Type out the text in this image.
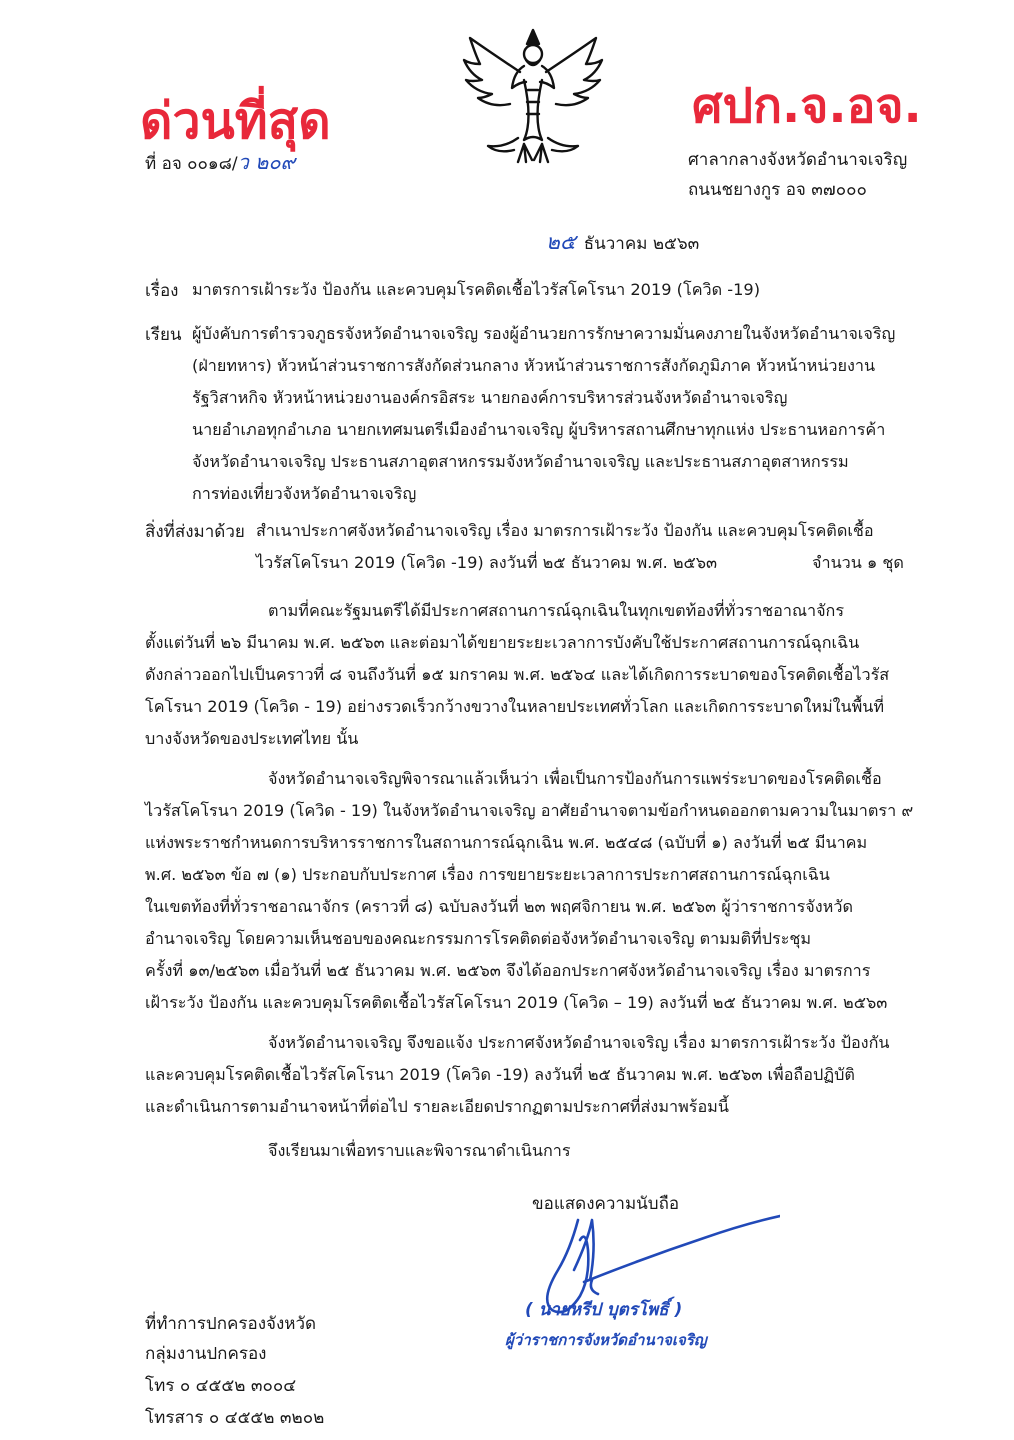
ด่วนที่สุด	ศปก.จ.อจ.
ที่ อจ ๐๐๑๘/ว ๒๐๙	ศาลากลางจังหวัดอำนาจเจริญ
ถนนชยางกูร อจ ๓๗๐๐๐
๒๕ ธันวาคม ๒๕๖๓
เรื่อง มาตรการเฝ้าระวัง ป้องกัน และควบคุมโรคติดเชื้อไวรัสโคโรนา 2019 (โควิด -19)
เรียน ผู้บังคับการตำรวจภูธรจังหวัดอำนาจเจริญ รองผู้อำนวยการรักษาความมั่นคงภายในจังหวัดอำนาจเจริญ
(ฝ่ายทหาร) หัวหน้าส่วนราชการสังกัดส่วนกลาง หัวหน้าส่วนราชการสังกัดภูมิภาค หัวหน้าหน่วยงาน
รัฐวิสาหกิจ หัวหน้าหน่วยงานองค์กรอิสระ นายกองค์การบริหารส่วนจังหวัดอำนาจเจริญ
นายอำเภอทุกอำเภอ นายกเทศมนตรีเมืองอำนาจเจริญ ผู้บริหารสถานศึกษาทุกแห่ง ประธานหอการค้า
จังหวัดอำนาจเจริญ ประธานสภาอุตสาหกรรมจังหวัดอำนาจเจริญ และประธานสภาอุตสาหกรรม
การท่องเที่ยวจังหวัดอำนาจเจริญ
สิ่งที่ส่งมาด้วย สำเนาประกาศจังหวัดอำนาจเจริญ เรื่อง มาตรการเฝ้าระวัง ป้องกัน และควบคุมโรคติดเชื้อ
ไวรัสโคโรนา 2019 (โควิด -19) ลงวันที่ ๒๕ ธันวาคม พ.ศ. ๒๕๖๓	จำนวน ๑ ชุด
ตามที่คณะรัฐมนตรีได้มีประกาศสถานการณ์ฉุกเฉินในทุกเขตท้องที่ทั่วราชอาณาจักร
ตั้งแต่วันที่ ๒๖ มีนาคม พ.ศ. ๒๕๖๓ และต่อมาได้ขยายระยะเวลาการบังคับใช้ประกาศสถานการณ์ฉุกเฉิน
ดังกล่าวออกไปเป็นคราวที่ ๘ จนถึงวันที่ ๑๕ มกราคม พ.ศ. ๒๕๖๔ และได้เกิดการระบาดของโรคติดเชื้อไวรัส
โคโรนา 2019 (โควิด - 19) อย่างรวดเร็วกว้างขวางในหลายประเทศทั่วโลก และเกิดการระบาดใหม่ในพื้นที่
บางจังหวัดของประเทศไทย นั้น
จังหวัดอำนาจเจริญพิจารณาแล้วเห็นว่า เพื่อเป็นการป้องกันการแพร่ระบาดของโรคติดเชื้อ
ไวรัสโคโรนา 2019 (โควิด - 19) ในจังหวัดอำนาจเจริญ อาศัยอำนาจตามข้อกำหนดออกตามความในมาตรา ๙
แห่งพระราชกำหนดการบริหารราชการในสถานการณ์ฉุกเฉิน พ.ศ. ๒๕๔๘ (ฉบับที่ ๑) ลงวันที่ ๒๕ มีนาคม
พ.ศ. ๒๕๖๓ ข้อ ๗ (๑) ประกอบกับประกาศ เรื่อง การขยายระยะเวลาการประกาศสถานการณ์ฉุกเฉิน
ในเขตท้องที่ทั่วราชอาณาจักร (คราวที่ ๘) ฉบับลงวันที่ ๒๓ พฤศจิกายน พ.ศ. ๒๕๖๓ ผู้ว่าราชการจังหวัด
อำนาจเจริญ โดยความเห็นชอบของคณะกรรมการโรคติดต่อจังหวัดอำนาจเจริญ ตามมติที่ประชุม
ครั้งที่ ๑๓/๒๕๖๓ เมื่อวันที่ ๒๕ ธันวาคม พ.ศ. ๒๕๖๓ จึงได้ออกประกาศจังหวัดอำนาจเจริญ เรื่อง มาตรการ
เฝ้าระวัง ป้องกัน และควบคุมโรคติดเชื้อไวรัสโคโรนา 2019 (โควิด – 19) ลงวันที่ ๒๕ ธันวาคม พ.ศ. ๒๕๖๓
จังหวัดอำนาจเจริญ จึงขอแจ้ง ประกาศจังหวัดอำนาจเจริญ เรื่อง มาตรการเฝ้าระวัง ป้องกัน
และควบคุมโรคติดเชื้อไวรัสโคโรนา 2019 (โควิด -19) ลงวันที่ ๒๕ ธันวาคม พ.ศ. ๒๕๖๓ เพื่อถือปฏิบัติ
และดำเนินการตามอำนาจหน้าที่ต่อไป รายละเอียดปรากฏตามประกาศที่ส่งมาพร้อมนี้
จึงเรียนมาเพื่อทราบและพิจารณาดำเนินการ
ขอแสดงความนับถือ
( นายหรีป บุตรโพธิ์ )
ผู้ว่าราชการจังหวัดอำนาจเจริญ
ที่ทำการปกครองจังหวัด
กลุ่มงานปกครอง
โทร ๐ ๔๕๕๒ ๓๐๐๔
โทรสาร ๐ ๔๕๕๒ ๓๒๐๒
